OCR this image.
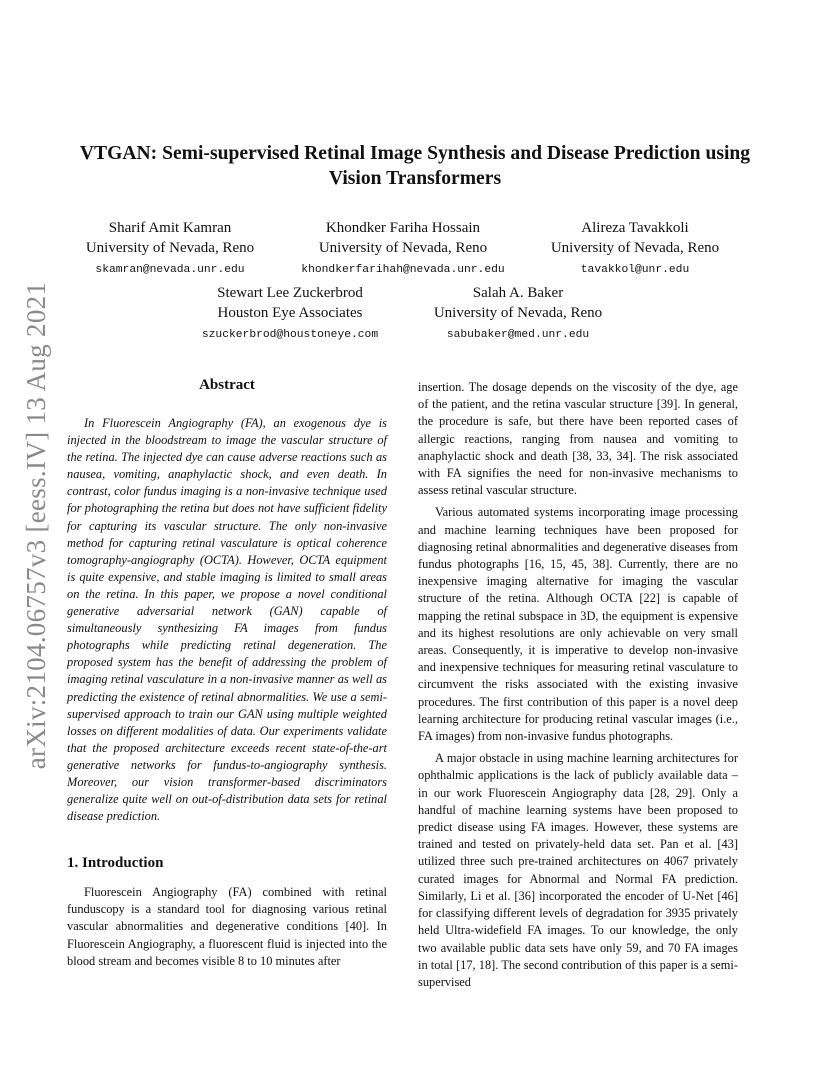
arXiv:2104.06757v3 [eess.IV] 13 Aug 2021
VTGAN: Semi-supervised Retinal Image Synthesis and Disease Prediction using Vision Transformers
Sharif Amit Kamran
University of Nevada, Reno
skamran@nevada.unr.edu
Khondker Fariha Hossain
University of Nevada, Reno
khondkerfarihah@nevada.unr.edu
Alireza Tavakkoli
University of Nevada, Reno
tavakkol@unr.edu
Stewart Lee Zuckerbrod
Houston Eye Associates
szuckerbrod@houstoneye.com
Salah A. Baker
University of Nevada, Reno
sabubaker@med.unr.edu
Abstract

In Fluorescein Angiography (FA), an exogenous dye is injected in the bloodstream to image the vascular structure of the retina. The injected dye can cause adverse reactions such as nausea, vomiting, anaphylactic shock, and even death. In contrast, color fundus imaging is a non-invasive technique used for photographing the retina but does not have sufficient fidelity for capturing its vascular structure. The only non-invasive method for capturing retinal vasculature is optical coherence tomography-angiography (OCTA). However, OCTA equipment is quite expensive, and stable imaging is limited to small areas on the retina. In this paper, we propose a novel conditional generative adversarial network (GAN) capable of simultaneously synthesizing FA images from fundus photographs while predicting retinal degeneration. The proposed system has the benefit of addressing the problem of imaging retinal vasculature in a non-invasive manner as well as predicting the existence of retinal abnormalities. We use a semi-supervised approach to train our GAN using multiple weighted losses on different modalities of data. Our experiments validate that the proposed architecture exceeds recent state-of-the-art generative networks for fundus-to-angiography synthesis. Moreover, our vision transformer-based discriminators generalize quite well on out-of-distribution data sets for retinal disease prediction.

1. Introduction

Fluorescein Angiography (FA) combined with retinal funduscopy is a standard tool for diagnosing various retinal vascular abnormalities and degenerative conditions [40]. In Fluorescein Angiography, a fluorescent fluid is injected into the blood stream and becomes visible 8 to 10 minutes after

insertion. The dosage depends on the viscosity of the dye, age of the patient, and the retina vascular structure [39]. In general, the procedure is safe, but there have been reported cases of allergic reactions, ranging from nausea and vomiting to anaphylactic shock and death [38, 33, 34]. The risk associated with FA signifies the need for non-invasive mechanisms to assess retinal vascular structure.

Various automated systems incorporating image processing and machine learning techniques have been proposed for diagnosing retinal abnormalities and degenerative diseases from fundus photographs [16, 15, 45, 38]. Currently, there are no inexpensive imaging alternative for imaging the vascular structure of the retina. Although OCTA [22] is capable of mapping the retinal subspace in 3D, the equipment is expensive and its highest resolutions are only achievable on very small areas. Consequently, it is imperative to develop non-invasive and inexpensive techniques for measuring retinal vasculature to circumvent the risks associated with the existing invasive procedures. The first contribution of this paper is a novel deep learning architecture for producing retinal vascular images (i.e., FA images) from non-invasive fundus photographs.

A major obstacle in using machine learning architectures for ophthalmic applications is the lack of publicly available data – in our work Fluorescein Angiography data [28, 29]. Only a handful of machine learning systems have been proposed to predict disease using FA images. However, these systems are trained and tested on privately-held data set. Pan et al. [43] utilized three such pre-trained architectures on 4067 privately curated images for Abnormal and Normal FA prediction. Similarly, Li et al. [36] incorporated the encoder of U-Net [46] for classifying different levels of degradation for 3935 privately held Ultra-widefield FA images. To our knowledge, the only two available public data sets have only 59, and 70 FA images in total [17, 18]. The second contribution of this paper is a semi-supervised
